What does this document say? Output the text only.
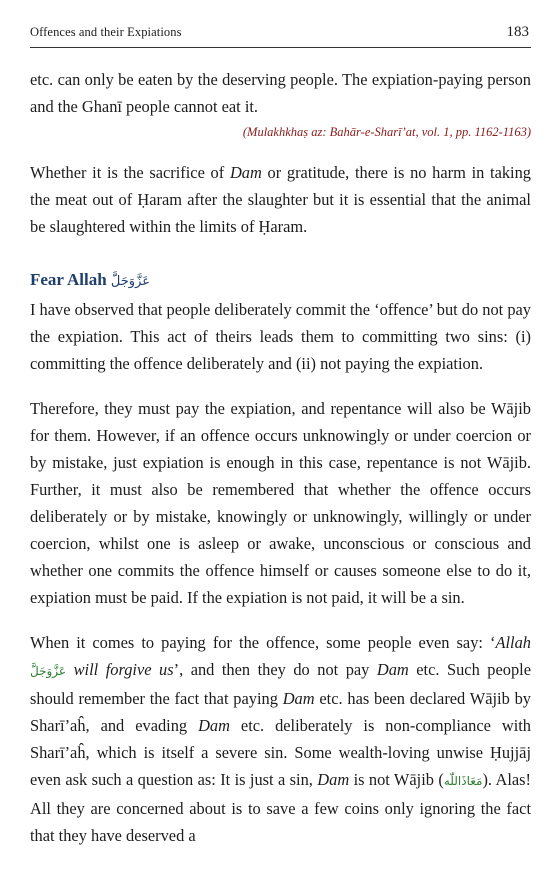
Offences and their Expiations	183

etc. can only be eaten by the deserving people. The expiation-paying person and the Ghanī people cannot eat it.

(Mulakhkhaṣ az: Bahār-e-Sharī’at, vol. 1, pp. 1162-1163)

Whether it is the sacrifice of Dam or gratitude, there is no harm in taking the meat out of Ḥaram after the slaughter but it is essential that the animal be slaughtered within the limits of Ḥaram.

Fear Allah عَزَّوَجَلَّ

I have observed that people deliberately commit the ‘offence’ but do not pay the expiation. This act of theirs leads them to committing two sins: (i) committing the offence deliberately and (ii) not paying the expiation.

Therefore, they must pay the expiation, and repentance will also be Wājib for them. However, if an offence occurs unknowingly or under coercion or by mistake, just expiation is enough in this case, repentance is not Wājib. Further, it must also be remembered that whether the offence occurs deliberately or by mistake, knowingly or unknowingly, willingly or under coercion, whilst one is asleep or awake, unconscious or conscious and whether one commits the offence himself or causes someone else to do it, expiation must be paid. If the expiation is not paid, it will be a sin.

When it comes to paying for the offence, some people even say: ‘Allah عَزَّوَجَلَّ will forgive us’, and then they do not pay Dam etc. Such people should remember the fact that paying Dam etc. has been declared Wājib by Sharī’aĥ, and evading Dam etc. deliberately is non-compliance with Sharī’aĥ, which is itself a severe sin. Some wealth-loving unwise Ḥujjāj even ask such a question as: It is just a sin, Dam is not Wājib (مَعَاذَاللّٰه). Alas! All they are concerned about is to save a few coins only ignoring the fact that they have deserved a
